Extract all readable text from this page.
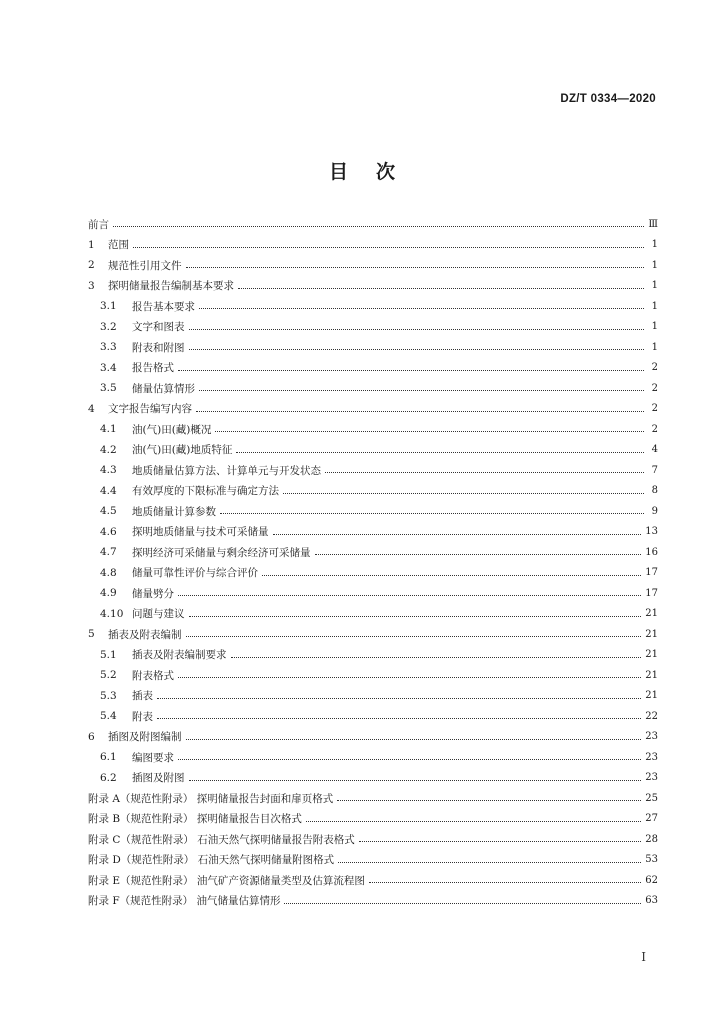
DZ/T 0334—2020
目次
前言	Ⅲ
1	范围	1
2	规范性引用文件	1
3	探明储量报告编制基本要求	1
3.1	报告基本要求	1
3.2	文字和图表	1
3.3	附表和附图	1
3.4	报告格式	2
3.5	储量估算情形	2
4	文字报告编写内容	2
4.1	油(气)田(藏)概况	2
4.2	油(气)田(藏)地质特征	4
4.3	地质储量估算方法、计算单元与开发状态	7
4.4	有效厚度的下限标准与确定方法	8
4.5	地质储量计算参数	9
4.6	探明地质储量与技术可采储量	13
4.7	探明经济可采储量与剩余经济可采储量	16
4.8	储量可靠性评价与综合评价	17
4.9	储量劈分	17
4.10 问题与建议	21
5	插表及附表编制	21
5.1	插表及附表编制要求	21
5.2	附表格式	21
5.3	插表	21
5.4	附表	22
6	插图及附图编制	23
6.1	编图要求	23
6.2	插图及附图	23
附录 A（规范性附录） 探明储量报告封面和扉页格式	25
附录 B（规范性附录） 探明储量报告目次格式	27
附录 C（规范性附录） 石油天然气探明储量报告附表格式	28
附录 D（规范性附录） 石油天然气探明储量附图格式	53
附录 E（规范性附录） 油气矿产资源储量类型及估算流程图	62
附录 F（规范性附录） 油气储量估算情形	63
I
